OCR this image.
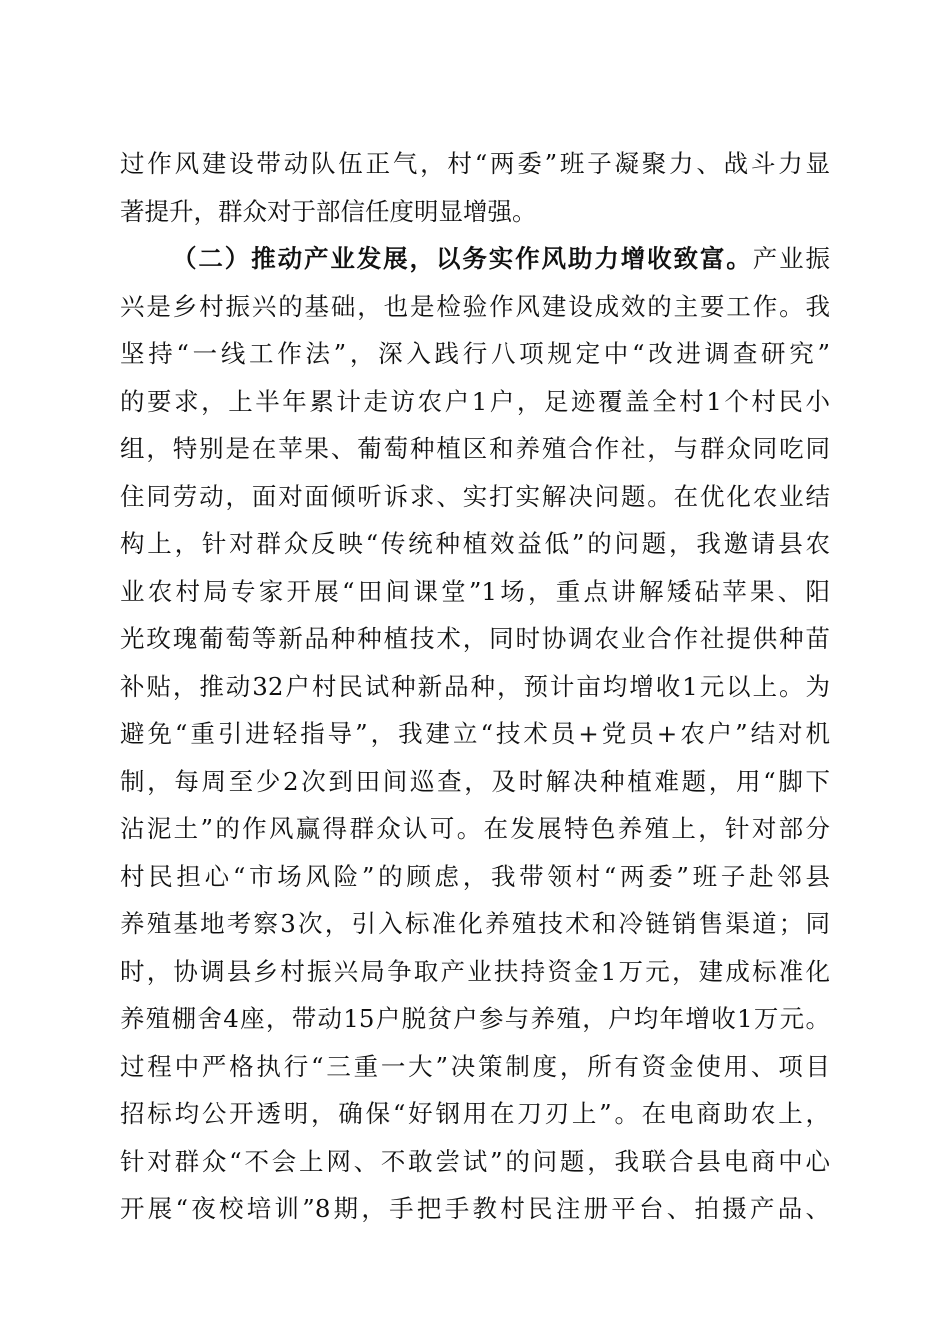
过作风建设带动队伍正气，村“两委”班子凝聚力、战斗力显
著提升，群众对于部信任度明显增强。
（二）推动产业发展，以务实作风助力增收致富。产业振
兴是乡村振兴的基础，也是检验作风建设成效的主要工作。我
坚持“一线工作法”，深入践行八项规定中“改进调查研究”
的要求，上半年累计走访农户1户，足迹覆盖全村1个村民小
组，特别是在苹果、葡萄种植区和养殖合作社，与群众同吃同
住同劳动，面对面倾听诉求、实打实解决问题。在优化农业结
构上，针对群众反映“传统种植效益低”的问题，我邀请县农
业农村局专家开展“田间课堂”1场，重点讲解矮砧苹果、阳
光玫瑰葡萄等新品种种植技术，同时协调农业合作社提供种苗
补贴，推动32户村民试种新品种，预计亩均增收1元以上。为
避免“重引进轻指导”，我建立“技术员+党员+农户”结对机
制，每周至少2次到田间巡查，及时解决种植难题，用“脚下
沾泥土”的作风赢得群众认可。在发展特色养殖上，针对部分
村民担心“市场风险”的顾虑，我带领村“两委”班子赴邻县
养殖基地考察3次，引入标准化养殖技术和冷链销售渠道；同
时，协调县乡村振兴局争取产业扶持资金1万元，建成标准化
养殖棚舍4座，带动15户脱贫户参与养殖，户均年增收1万元。
过程中严格执行“三重一大”决策制度，所有资金使用、项目
招标均公开透明，确保“好钢用在刀刃上”。在电商助农上，
针对群众“不会上网、不敢尝试”的问题，我联合县电商中心
开展“夜校培训”8期，手把手教村民注册平台、拍摄产品、
